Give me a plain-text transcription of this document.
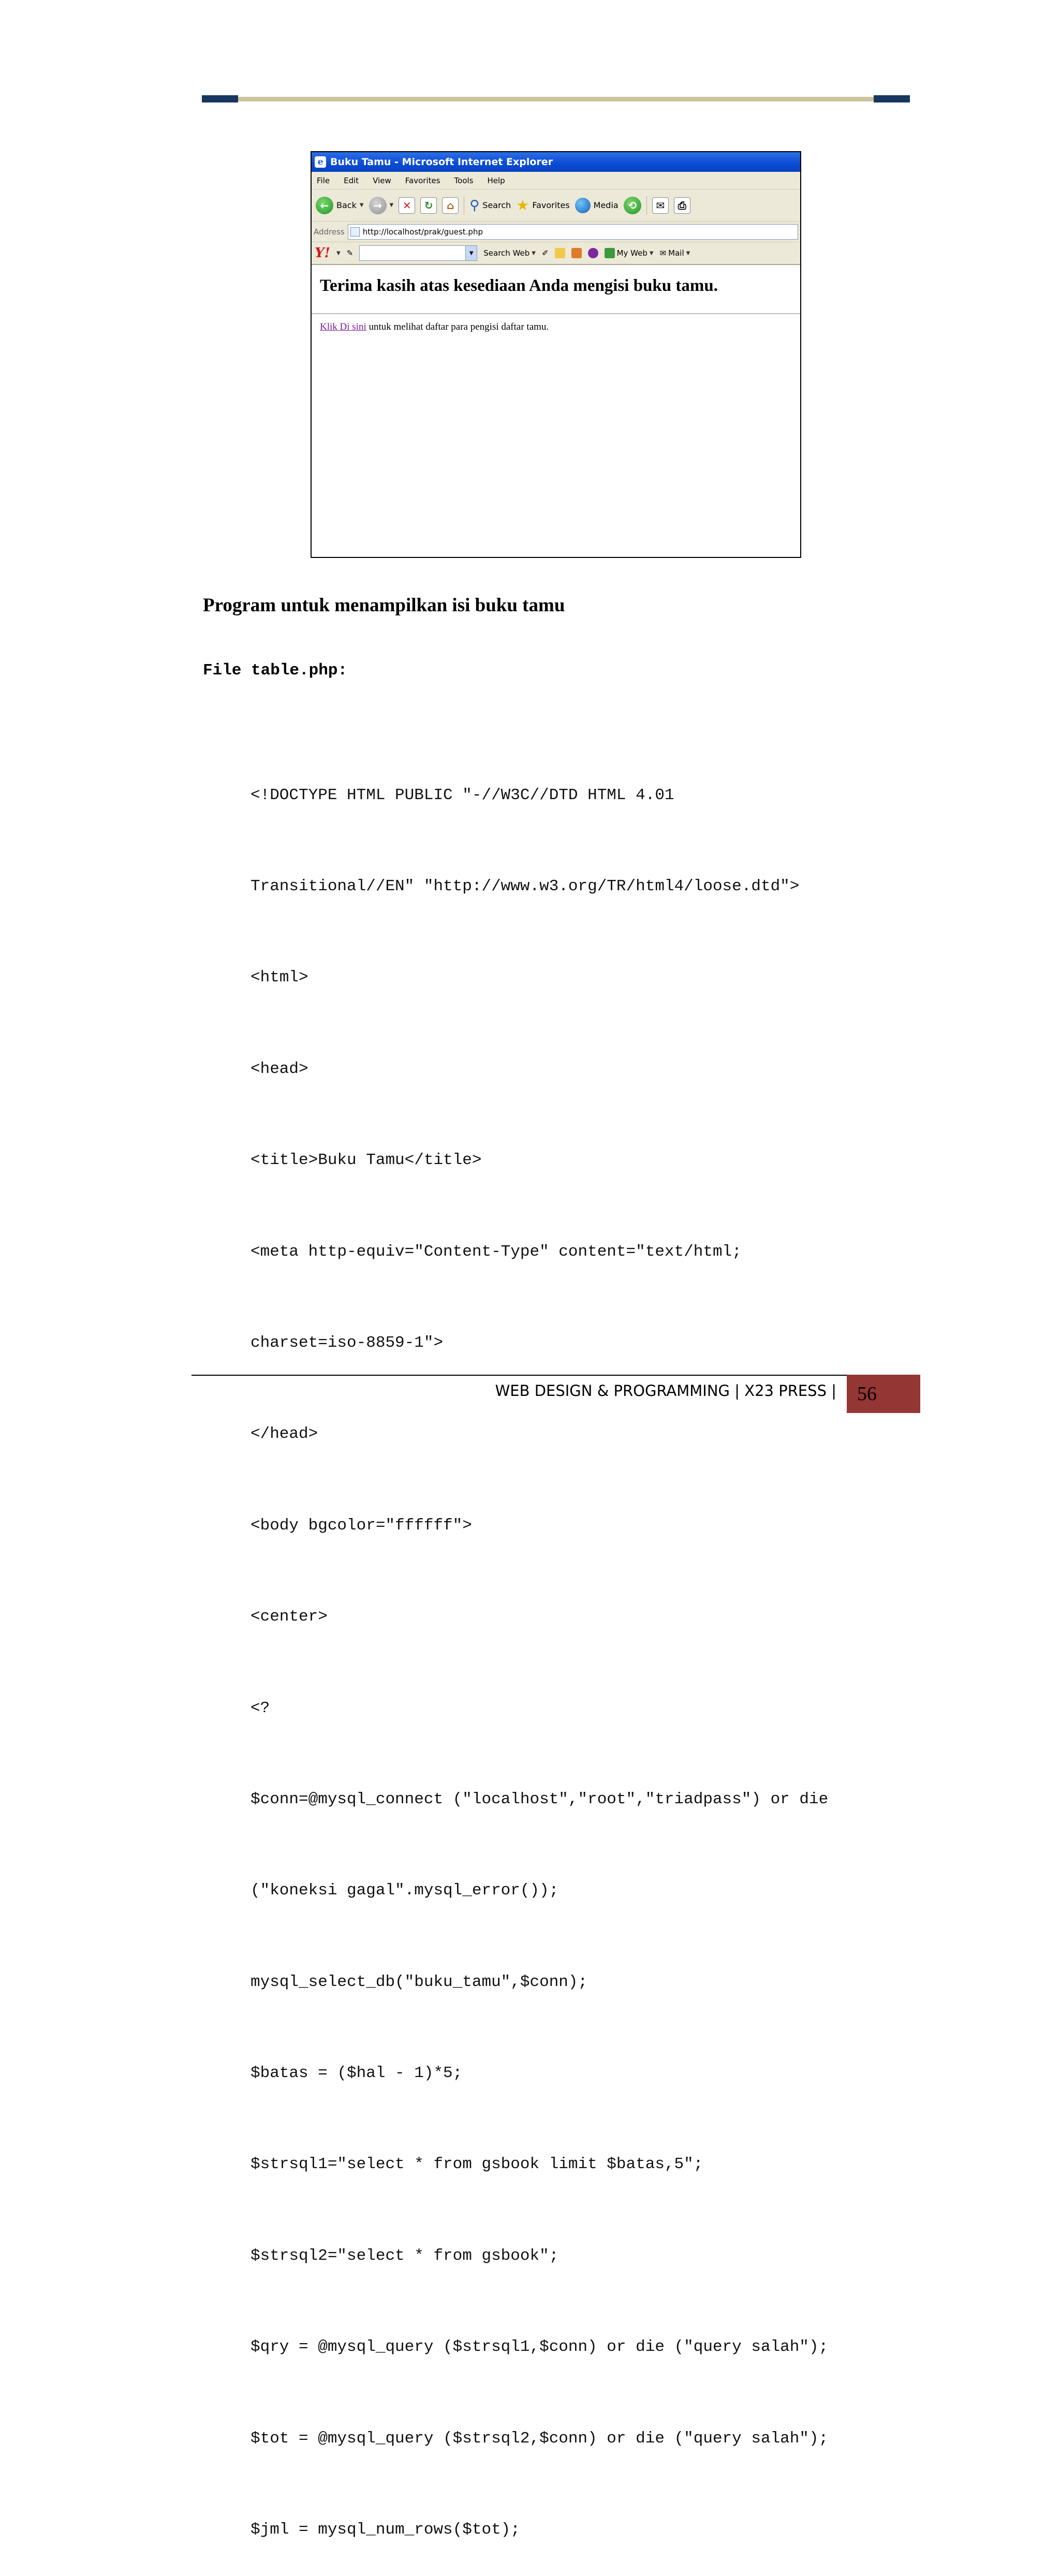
e Buku Tamu - Microsoft Internet Explorer
File Edit View Favorites Tools Help
← Back ▼ →	▼ ✕	↻	⌂	⚲ Search ★ Favorites	Media ⟲	✉	⎙
Address http://localhost/prak/guest.php
Y! ▼ ✎	▼	Search Web ▼ ✐	My Web ▼ ✉ Mail ▼
Terima kasih atas kesediaan Anda mengisi buku tamu.

Klik Di sini untuk melihat daftar para pengisi daftar tamu.

Program untuk menampilkan isi buku tamu
File table.php:

<!DOCTYPE HTML PUBLIC "-//W3C//DTD HTML 4.01

Transitional//EN" "http://www.w3.org/TR/html4/loose.dtd">

<html>

<head>

<title>Buku Tamu</title>

<meta http-equiv="Content-Type" content="text/html;

charset=iso-8859-1">

</head>

<body bgcolor="ffffff">

<center>

<?

$conn=@mysql_connect ("localhost","root","triadpass") or die

("koneksi gagal".mysql_error());

mysql_select_db("buku_tamu",$conn);

$batas = ($hal - 1)*5;

$strsql1="select * from gsbook limit $batas,5";

$strsql2="select * from gsbook";

$qry = @mysql_query ($strsql1,$conn) or die ("query salah");

$tot = @mysql_query ($strsql2,$conn) or die ("query salah");

$jml = mysql_num_rows($tot);

WEB DESIGN & PROGRAMMING | X23 PRESS |	56
